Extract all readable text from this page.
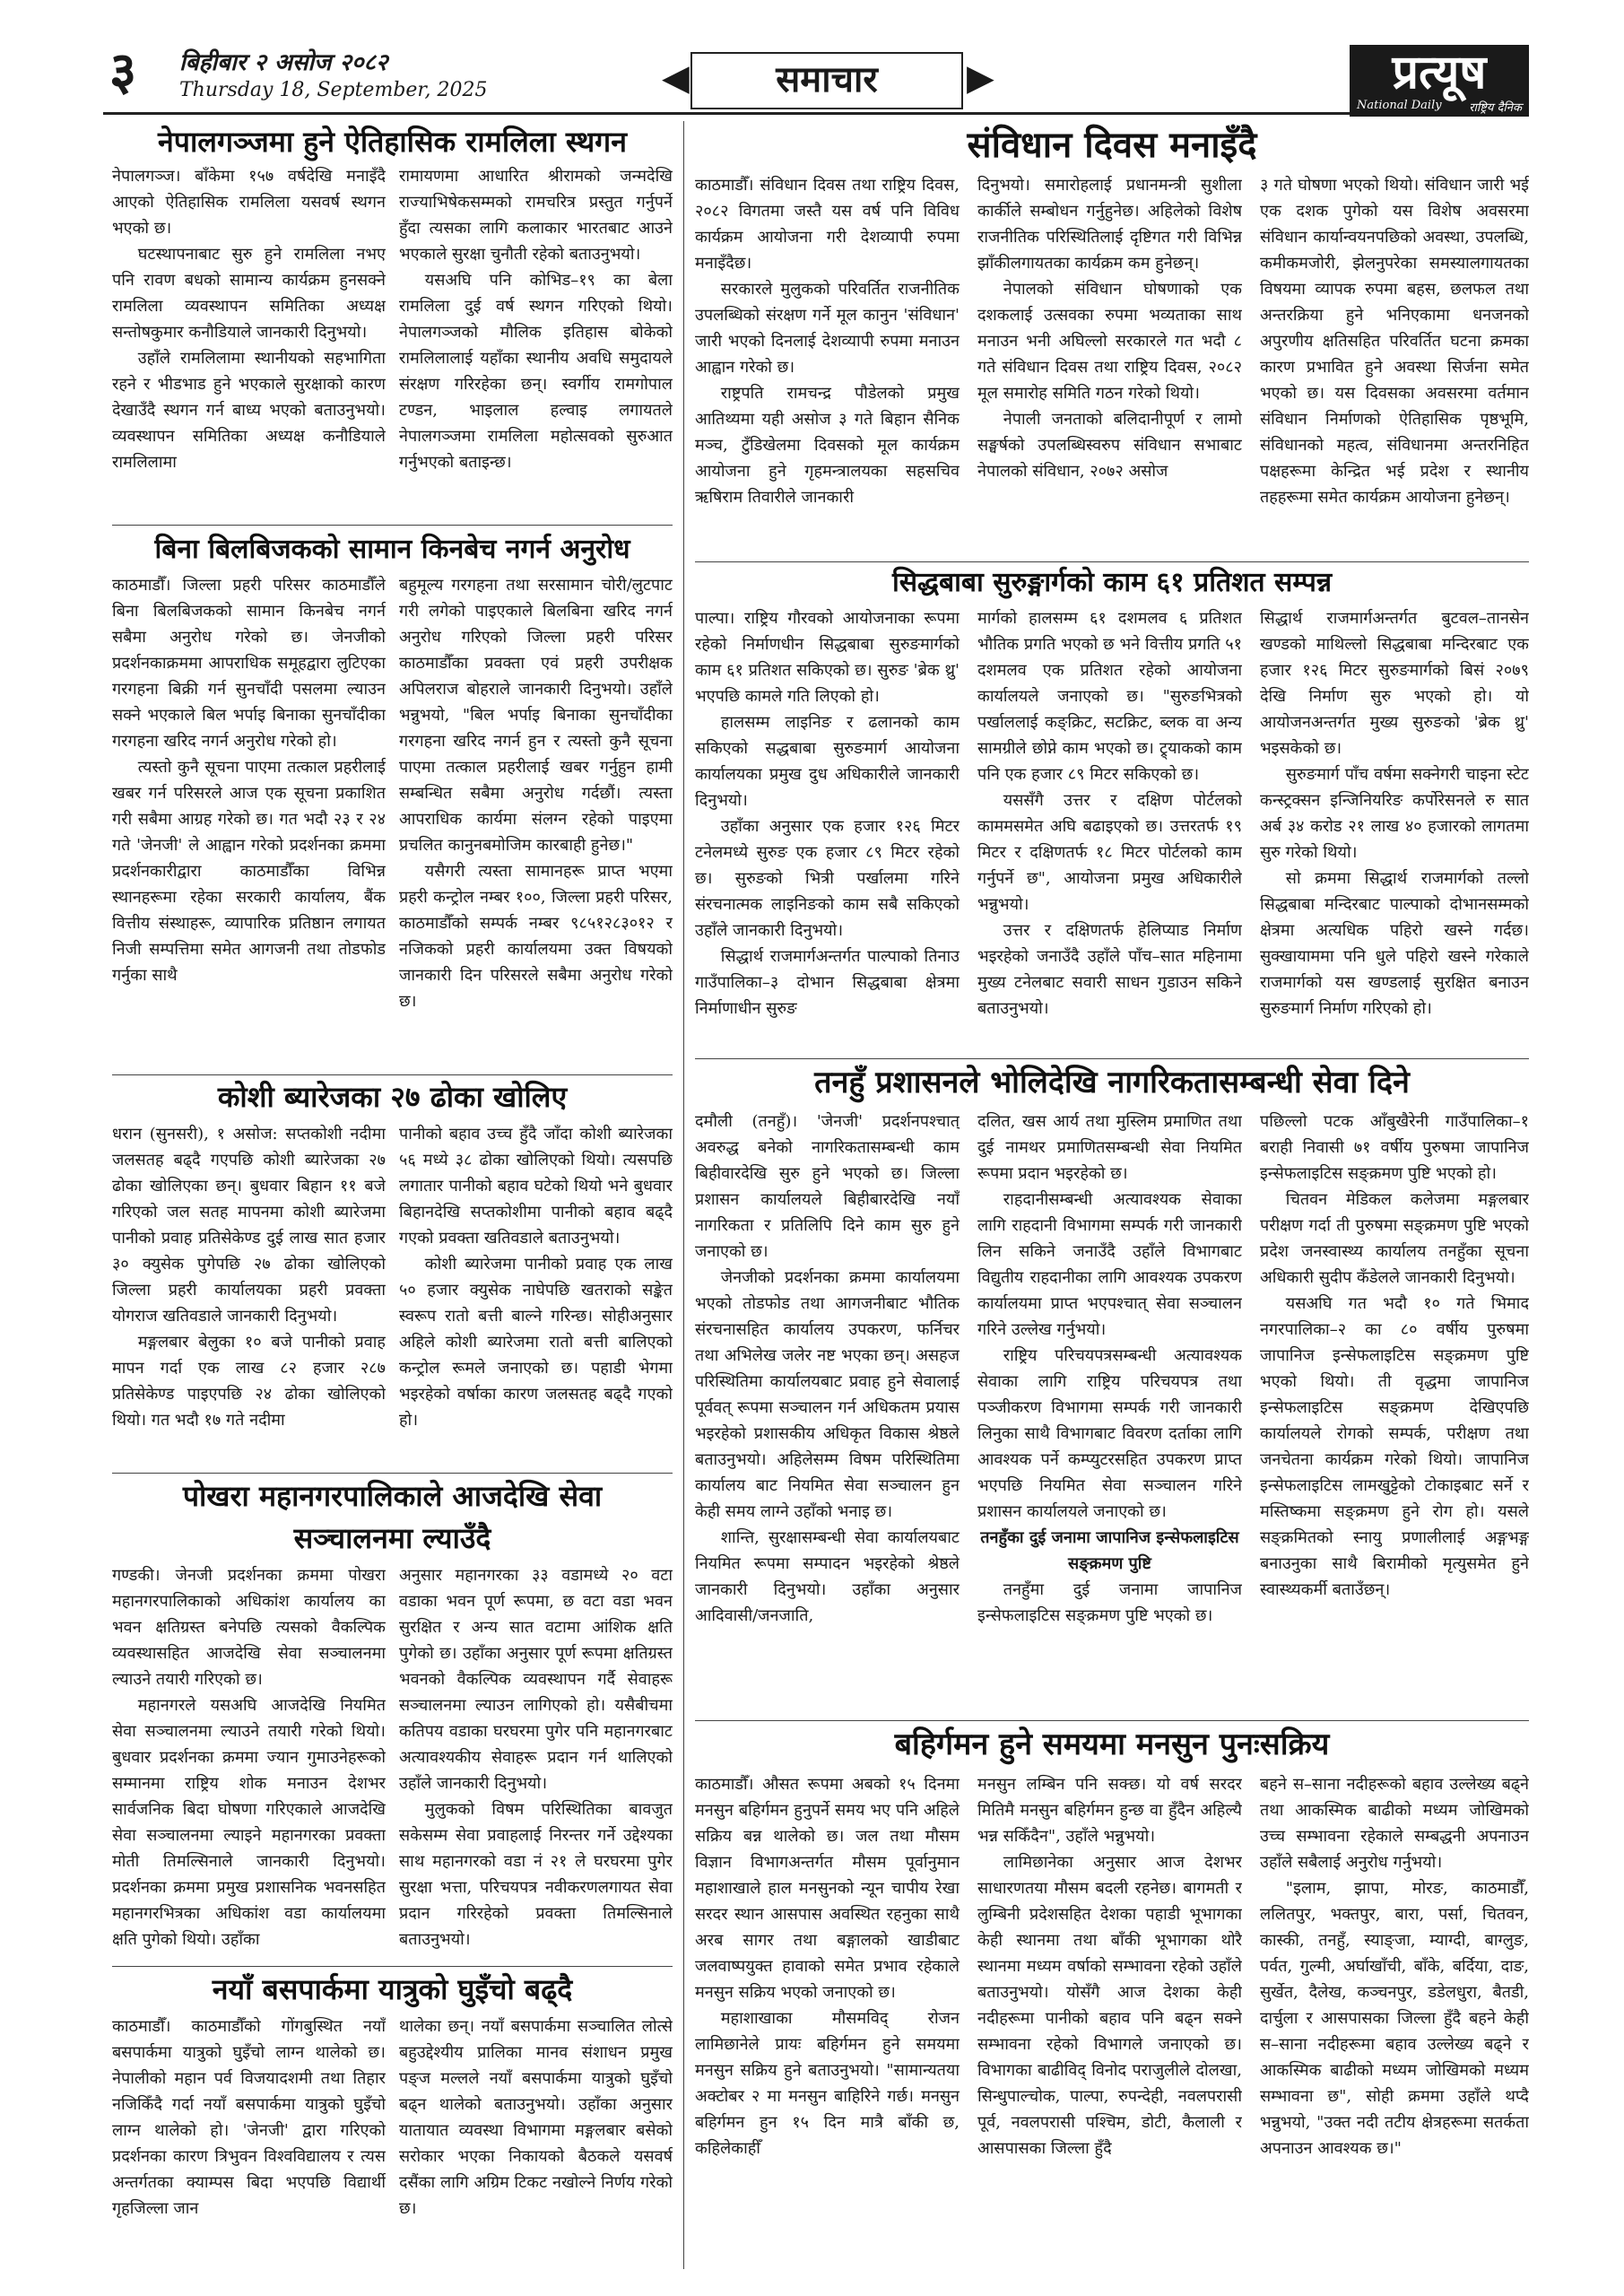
३ बिहीबार २ असोज २०८२
Thursday 18, September, 2025	◀	समाचार	▶	प्रत्यूष
National Daily राष्ट्रिय दैनिक
नेपालगञ्जमा हुने ऐतिहासिक रामलिला स्थगन

नेपालगञ्ज। बाँकेमा १५७ वर्षदेखि मनाइँदै आएको ऐतिहासिक रामलिला यसवर्ष स्थगन भएको छ।

घटस्थापनाबाट सुरु हुने रामलिला नभए पनि रावण बधको सामान्य कार्यक्रम हुनसक्ने रामलिला व्यवस्थापन समितिका अध्यक्ष सन्तोषकुमार कनौडियाले जानकारी दिनुभयो।

उहाँले रामलिलामा स्थानीयको सहभागिता रहने र भीडभाड हुने भएकाले सुरक्षाको कारण देखाउँदै स्थगन गर्न बाध्य भएको बताउनुभयो। व्यवस्थापन समितिका अध्यक्ष कनौडियाले रामलिलामा

रामायणमा आधारित श्रीरामको जन्मदेखि राज्याभिषेकसम्मको रामचरित्र प्रस्तुत गर्नुपर्ने हुँदा त्यसका लागि कलाकार भारतबाट आउने भएकाले सुरक्षा चुनौती रहेको बताउनुभयो।

यसअघि पनि कोभिड–१९ का बेला रामलिला दुई वर्ष स्थगन गरिएको थियो। नेपालगञ्जको मौलिक इतिहास बोकेको रामलिलालाई यहाँका स्थानीय अवधि समुदायले संरक्षण गरिरहेका छन्। स्वर्गीय रामगोपाल टण्डन, भाइलाल हल्वाइ लगायतले नेपालगञ्जमा रामलिला महोत्सवको सुरुआत गर्नुभएको बताइन्छ।

बिना बिलबिजकको सामान किनबेच नगर्न अनुरोध

काठमाडौँ। जिल्ला प्रहरी परिसर काठमाडौँले बिना बिलबिजकको सामान किनबेच नगर्न सबैमा अनुरोध गरेको छ। जेनजीको प्रदर्शनकाक्रममा आपराधिक समूहद्वारा लुटिएका गरगहना बिक्री गर्न सुनचाँदी पसलमा ल्याउन सक्ने भएकाले बिल भर्पाइ बिनाका सुनचाँदीका गरगहना खरिद नगर्न अनुरोध गरेको हो।

त्यस्तो कुनै सूचना पाएमा तत्काल प्रहरीलाई खबर गर्न परिसरले आज एक सूचना प्रकाशित गरी सबैमा आग्रह गरेको छ। गत भदौ २३ र २४ गते 'जेनजी' ले आह्वान गरेको प्रदर्शनका क्रममा प्रदर्शनकारीद्वारा काठमाडौँका विभिन्न स्थानहरूमा रहेका सरकारी कार्यालय, बैंक वित्तीय संस्थाहरू, व्यापारिक प्रतिष्ठान लगायत निजी सम्पत्तिमा समेत आगजनी तथा तोडफोड गर्नुका साथै

बहुमूल्य गरगहना तथा सरसामान चोरी/लुटपाट गरी लगेको पाइएकाले बिलबिना खरिद नगर्न अनुरोध गरिएको जिल्ला प्रहरी परिसर काठमाडौँका प्रवक्ता एवं प्रहरी उपरीक्षक अपिलराज बोहराले जानकारी दिनुभयो। उहाँले भन्नुभयो, "बिल भर्पाइ बिनाका सुनचाँदीका गरगहना खरिद नगर्न हुन र त्यस्तो कुनै सूचना पाएमा तत्काल प्रहरीलाई खबर गर्नुहुन हामी सम्बन्धित सबैमा अनुरोध गर्दछौं। त्यस्ता आपराधिक कार्यमा संलग्न रहेको पाइएमा प्रचलित कानुनबमोजिम कारबाही हुनेछ।"

यसैगरी त्यस्ता सामानहरू प्राप्त भएमा प्रहरी कन्ट्रोल नम्बर १००, जिल्ला प्रहरी परिसर, काठमाडौँको सम्पर्क नम्बर ९८५१२८३०१२ र नजिकको प्रहरी कार्यालयमा उक्त विषयको जानकारी दिन परिसरले सबैमा अनुरोध गरेको छ।

कोशी ब्यारेजका २७ ढोका खोलिए

धरान (सुनसरी), १ असोज: सप्तकोशी नदीमा जलसतह बढ्दै गएपछि कोशी ब्यारेजका २७ ढोका खोलिएका छन्। बुधवार बिहान ११ बजे गरिएको जल सतह मापनमा कोशी ब्यारेजमा पानीको प्रवाह प्रतिसेकेण्ड दुई लाख सात हजार ३० क्युसेक पुगेपछि २७ ढोका खोलिएको जिल्ला प्रहरी कार्यालयका प्रहरी प्रवक्ता योगराज खतिवडाले जानकारी दिनुभयो।

मङ्गलबार बेलुका १० बजे पानीको प्रवाह मापन गर्दा एक लाख ८२ हजार २८७ प्रतिसेकेण्ड पाइएपछि २४ ढोका खोलिएको थियो। गत भदौ १७ गते नदीमा

पानीको बहाव उच्च हुँदै जाँदा कोशी ब्यारेजका ५६ मध्ये ३८ ढोका खोलिएको थियो। त्यसपछि लगातार पानीको बहाव घटेको थियो भने बुधवार बिहानदेखि सप्तकोशीमा पानीको बहाव बढ्दै गएको प्रवक्ता खतिवडाले बताउनुभयो।

कोशी ब्यारेजमा पानीको प्रवाह एक लाख ५० हजार क्युसेक नाघेपछि खतराको सङ्केत स्वरूप रातो बत्ती बाल्ने गरिन्छ। सोहीअनुसार अहिले कोशी ब्यारेजमा रातो बत्ती बालिएको कन्ट्रोल रूमले जनाएको छ। पहाडी भेगमा भइरहेको वर्षाका कारण जलसतह बढ्दै गएको हो।

पोखरा महानगरपालिकाले आजदेखि सेवा
सञ्चालनमा ल्याउँदै

गण्डकी। जेनजी प्रदर्शनका क्रममा पोखरा महानगरपालिकाको अधिकांश कार्यालय का भवन क्षतिग्रस्त बनेपछि त्यसको वैकल्पिक व्यवस्थासहित आजदेखि सेवा सञ्चालनमा ल्याउने तयारी गरिएको छ।

महानगरले यसअघि आजदेखि नियमित सेवा सञ्चालनमा ल्याउने तयारी गरेको थियो। बुधवार प्रदर्शनका क्रममा ज्यान गुमाउनेहरूको सम्मानमा राष्ट्रिय शोक मनाउन देशभर सार्वजनिक बिदा घोषणा गरिएकाले आजदेखि सेवा सञ्चालनमा ल्याइने महानगरका प्रवक्ता मोती तिमल्सिनाले जानकारी दिनुभयो। प्रदर्शनका क्रममा प्रमुख प्रशासनिक भवनसहित महानगरभित्रका अधिकांश वडा कार्यालयमा क्षति पुगेको थियो। उहाँका

अनुसार महानगरका ३३ वडामध्ये २० वटा वडाका भवन पूर्ण रूपमा, छ वटा वडा भवन सुरक्षित र अन्य सात वटामा आंशिक क्षति पुगेको छ। उहाँका अनुसार पूर्ण रूपमा क्षतिग्रस्त भवनको वैकल्पिक व्यवस्थापन गर्दै सेवाहरू सञ्चालनमा ल्याउन लागिएको हो। यसैबीचमा कतिपय वडाका घरघरमा पुगेर पनि महानगरबाट अत्यावश्यकीय सेवाहरू प्रदान गर्न थालिएको उहाँले जानकारी दिनुभयो।

मुलुकको विषम परिस्थितिका बावजुत सकेसम्म सेवा प्रवाहलाई निरन्तर गर्ने उद्देश्यका साथ महानगरको वडा नं २१ ले घरघरमा पुगेर सुरक्षा भत्ता, परिचयपत्र नवीकरणलगायत सेवा प्रदान गरिरहेको प्रवक्ता तिमल्सिनाले बताउनुभयो।

नयाँ बसपार्कमा यात्रुको घुइँचो बढ्दै

काठमाडौँ। काठमाडौँको गोंगबुस्थित नयाँ बसपार्कमा यात्रुको घुइँचो लाग्न थालेको छ। नेपालीको महान पर्व विजयादशमी तथा तिहार नजिकिँदै गर्दा नयाँ बसपार्कमा यात्रुको घुइँचो लाग्न थालेको हो। 'जेनजी' द्वारा गरिएको प्रदर्शनका कारण त्रिभुवन विश्वविद्यालय र त्यस अन्तर्गतका क्याम्पस बिदा भएपछि विद्यार्थी गृहजिल्ला जान

थालेका छन्। नयाँ बसपार्कमा सञ्चालित लोत्से बहुउद्देश्यीय प्रालिका मानव संशाधन प्रमुख पङ्ज मल्लले नयाँ बसपार्कमा यात्रुको घुइँचो बढ्न थालेको बताउनुभयो। उहाँका अनुसार यातायात व्यवस्था विभागमा मङ्गलबार बसेको सरोकार भएका निकायको बैठकले यसवर्ष दसैंका लागि अग्रिम टिकट नखोल्ने निर्णय गरेको छ।

संविधान दिवस मनाइँदै

काठमाडौँ। संविधान दिवस तथा राष्ट्रिय दिवस, २०८२ विगतमा जस्तै यस वर्ष पनि विविध कार्यक्रम आयोजना गरी देशव्यापी रुपमा मनाइँदैछ।

सरकारले मुलुकको परिवर्तित राजनीतिक उपलब्धिको संरक्षण गर्ने मूल कानुन 'संविधान' जारी भएको दिनलाई देशव्यापी रुपमा मनाउन आह्वान गरेको छ।

राष्ट्रपति रामचन्द्र पौडेलको प्रमुख आतिथ्यमा यही असोज ३ गते बिहान सैनिक मञ्च, टुँडिखेलमा दिवसको मूल कार्यक्रम आयोजना हुने गृहमन्त्रालयका सहसचिव ऋषिराम तिवारीले जानकारी

दिनुभयो। समारोहलाई प्रधानमन्त्री सुशीला कार्कीले सम्बोधन गर्नुहुनेछ। अहिलेको विशेष राजनीतिक परिस्थितिलाई दृष्टिगत गरी विभिन्न झाँकीलगायतका कार्यक्रम कम हुनेछन्।

नेपालको संविधान घोषणाको एक दशकलाई उत्सवका रुपमा भव्यताका साथ मनाउन भनी अघिल्लो सरकारले गत भदौ ८ गते संविधान दिवस तथा राष्ट्रिय दिवस, २०८२ मूल समारोह समिति गठन गरेको थियो।

नेपाली जनताको बलिदानीपूर्ण र लामो सङ्घर्षको उपलब्धिस्वरुप संविधान सभाबाट नेपालको संविधान, २०७२ असोज

३ गते घोषणा भएको थियो। संविधान जारी भई एक दशक पुगेको यस विशेष अवसरमा संविधान कार्यान्वयनपछिको अवस्था, उपलब्धि, कमीकमजोरी, झेलनुपरेका समस्यालगायतका विषयमा व्यापक रुपमा बहस, छलफल तथा अन्तरक्रिया हुने भनिएकामा धनजनको अपुरणीय क्षतिसहित परिवर्तित घटना क्रमका कारण प्रभावित हुने अवस्था सिर्जना समेत भएको छ। यस दिवसका अवसरमा वर्तमान संविधान निर्माणको ऐतिहासिक पृष्ठभूमि, संविधानको महत्व, संविधानमा अन्तरनिहित पक्षहरूमा केन्द्रित भई प्रदेश र स्थानीय तहहरूमा समेत कार्यक्रम आयोजना हुनेछन्।

सिद्धबाबा सुरुङ्मार्गको काम ६१ प्रतिशत सम्पन्न

पाल्पा। राष्ट्रिय गौरवको आयोजनाका रूपमा रहेको निर्माणधीन सिद्धबाबा सुरुङमार्गको काम ६१ प्रतिशत सकिएको छ। सुरुङ 'ब्रेक थ्रु' भएपछि कामले गति लिएको हो।

हालसम्म लाइनिङ र ढलानको काम सकिएको सद्धबाबा सुरुङमार्ग आयोजना कार्यालयका प्रमुख दुध अधिकारीले जानकारी दिनुभयो।

उहाँका अनुसार एक हजार १२६ मिटर टनेलमध्ये सुरुङ एक हजार ८९ मिटर रहेको छ। सुरुङको भित्री पर्खालमा गरिने संरचनात्मक लाइनिङको काम सबै सकिएको उहाँले जानकारी दिनुभयो।

सिद्धार्थ राजमार्गअन्तर्गत पाल्पाको तिनाउ गाउँपालिका–३ दोभान सिद्धबाबा क्षेत्रमा निर्माणाधीन सुरुङ

मार्गको हालसम्म ६१ दशमलव ६ प्रतिशत भौतिक प्रगति भएको छ भने वित्तीय प्रगति ५१ दशमलव एक प्रतिशत रहेको आयोजना कार्यालयले जनाएको छ। "सुरुङभित्रको पर्खाललाई कङ्क्रिट, सटक्रिट, ब्लक वा अन्य सामग्रीले छोप्ने काम भएको छ। ट्र्याकको काम पनि एक हजार ८९ मिटर सकिएको छ।

यससँगै उत्तर र दक्षिण पोर्टलको काममसमेत अघि बढाइएको छ। उत्तरतर्फ १९ मिटर र दक्षिणतर्फ १८ मिटर पोर्टलको काम गर्नुपर्ने छ", आयोजना प्रमुख अधिकारीले भन्नुभयो।

उत्तर र दक्षिणतर्फ हेलिप्याड निर्माण भइरहेको जनाउँदै उहाँले पाँच–सात महिनामा मुख्य टनेलबाट सवारी साधन गुडाउन सकिने बताउनुभयो।

सिद्धार्थ राजमार्गअन्तर्गत बुटवल–तानसेन खण्डको माथिल्लो सिद्धबाबा मन्दिरबाट एक हजार १२६ मिटर सुरुङमार्गको बिसं २०७९ देखि निर्माण सुरु भएको हो। यो आयोजनअन्तर्गत मुख्य सुरुङको 'ब्रेक थ्रु' भइसकेको छ।

सुरुङमार्ग पाँच वर्षमा सक्नेगरी चाइना स्टेट कन्स्ट्रक्सन इन्जिनियरिङ कर्पोरेसनले रु सात अर्ब ३४ करोड २१ लाख ४० हजारको लागतमा सुरु गरेको थियो।

सो क्रममा सिद्धार्थ राजमार्गको तल्लो सिद्धबाबा मन्दिरबाट पाल्पाको दोभानसम्मको क्षेत्रमा अत्यधिक पहिरो खस्ने गर्दछ। सुक्खायाममा पनि धुले पहिरो खस्ने गरेकाले राजमार्गको यस खण्डलाई सुरक्षित बनाउन सुरुङमार्ग निर्माण गरिएको हो।

तनहुँ प्रशासनले भोलिदेखि नागरिकतासम्बन्धी सेवा दिने

दमौली (तनहुँ)। 'जेनजी' प्रदर्शनपश्चात् अवरुद्ध बनेको नागरिकतासम्बन्धी काम बिहीवारदेखि सुरु हुने भएको छ। जिल्ला प्रशासन कार्यालयले बिहीबारदेखि नयाँ नागरिकता र प्रतिलिपि दिने काम सुरु हुने जनाएको छ।

जेनजीको प्रदर्शनका क्रममा कार्यालयमा भएको तोडफोड तथा आगजनीबाट भौतिक संरचनासहित कार्यालय उपकरण, फर्निचर तथा अभिलेख जलेर नष्ट भएका छन्। असहज परिस्थितिमा कार्यालयबाट प्रवाह हुने सेवालाई पूर्ववत् रूपमा सञ्चालन गर्न अधिकतम प्रयास भइरहेको प्रशासकीय अधिकृत विकास श्रेष्ठले बताउनुभयो। अहिलेसम्म विषम परिस्थितिमा कार्यालय बाट नियमित सेवा सञ्चालन हुन केही समय लाग्ने उहाँको भनाइ छ।

शान्ति, सुरक्षासम्बन्धी सेवा कार्यालयबाट नियमित रूपमा सम्पादन भइरहेको श्रेष्ठले जानकारी दिनुभयो। उहाँका अनुसार आदिवासी/जनजाति,

दलित, खस आर्य तथा मुस्लिम प्रमाणित तथा दुई नामथर प्रमाणितसम्बन्धी सेवा नियमित रूपमा प्रदान भइरहेको छ।

राहदानीसम्बन्धी अत्यावश्यक सेवाका लागि राहदानी विभागमा सम्पर्क गरी जानकारी लिन सकिने जनाउँदै उहाँले विभागबाट विद्युतीय राहदानीका लागि आवश्यक उपकरण कार्यालयमा प्राप्त भएपश्चात् सेवा सञ्चालन गरिने उल्लेख गर्नुभयो।

राष्ट्रिय परिचयपत्रसम्बन्धी अत्यावश्यक सेवाका लागि राष्ट्रिय परिचयपत्र तथा पञ्जीकरण विभागमा सम्पर्क गरी जानकारी लिनुका साथै विभागबाट विवरण दर्ताका लागि आवश्यक पर्ने कम्प्युटरसहित उपकरण प्राप्त भएपछि नियमित सेवा सञ्चालन गरिने प्रशासन कार्यालयले जनाएको छ।

तनहुँका दुई जनामा जापानिज इन्सेफलाइटिस सङ्क्रमण पुष्टि

तनहुँमा दुई जनामा जापानिज इन्सेफलाइटिस सङ्क्रमण पुष्टि भएको छ।

पछिल्लो पटक आँबुखैरेनी गाउँपालिका–१ बराही निवासी ७१ वर्षीय पुरुषमा जापानिज इन्सेफलाइटिस सङ्क्रमण पुष्टि भएको हो।

चितवन मेडिकल कलेजमा मङ्गलबार परीक्षण गर्दा ती पुरुषमा सङ्क्रमण पुष्टि भएको प्रदेश जनस्वास्थ्य कार्यालय तनहुँका सूचना अधिकारी सुदीप कँडेलले जानकारी दिनुभयो।

यसअघि गत भदौ १० गते भिमाद नगरपालिका–२ का ८० वर्षीय पुरुषमा जापानिज इन्सेफलाइटिस सङ्क्रमण पुष्टि भएको थियो। ती वृद्धमा जापानिज इन्सेफलाइटिस सङ्क्रमण देखिएपछि कार्यालयले रोगको सम्पर्क, परीक्षण तथा जनचेतना कार्यक्रम गरेको थियो। जापानिज इन्सेफलाइटिस लामखुट्टेको टोकाइबाट सर्ने र मस्तिष्कमा सङ्क्रमण हुने रोग हो। यसले सङ्क्रमितको स्नायु प्रणालीलाई अङ्गभङ्ग बनाउनुका साथै बिरामीको मृत्युसमेत हुने स्वास्थ्यकर्मी बताउँछन्।

बहिर्गमन हुने समयमा मनसुन पुनःसक्रिय

काठमाडौँ। औसत रूपमा अबको १५ दिनमा मनसुन बहिर्गमन हुनुपर्ने समय भए पनि अहिले सक्रिय बन्न थालेको छ। जल तथा मौसम विज्ञान विभागअन्तर्गत मौसम पूर्वानुमान महाशाखाले हाल मनसुनको न्यून चापीय रेखा सरदर स्थान आसपास अवस्थित रहनुका साथै अरब सागर तथा बङ्गालको खाडीबाट जलवाष्पयुक्त हावाको समेत प्रभाव रहेकाले मनसुन सक्रिय भएको जनाएको छ।

महाशाखाका मौसमविद् रोजन लामिछानेले प्रायः बहिर्गमन हुने समयमा मनसुन सक्रिय हुने बताउनुभयो। "सामान्यतया अक्टोबर २ मा मनसुन बाहिरिने गर्छ। मनसुन बहिर्गमन हुन १५ दिन मात्रै बाँकी छ, कहिलेकाहीँ

मनसुन लम्बिन पनि सक्छ। यो वर्ष सरदर मितिमै मनसुन बहिर्गमन हुन्छ वा हुँदैन अहिल्यै भन्न सकिँदैन", उहाँले भन्नुभयो।

लामिछानेका अनुसार आज देशभर साधारणतया मौसम बदली रहनेछ। बागमती र लुम्बिनी प्रदेशसहित देशका पहाडी भूभागका केही स्थानमा तथा बाँकी भूभागका थोरै स्थानमा मध्यम वर्षाको सम्भावना रहेको उहाँले बताउनुभयो। योसँगै आज देशका केही नदीहरूमा पानीको बहाव पनि बढ्न सक्ने सम्भावना रहेको विभागले जनाएको छ। विभागका बाढीविद् विनोद पराजुलीले दोलखा, सिन्धुपाल्चोक, पाल्पा, रुपन्देही, नवलपरासी पूर्व, नवलपरासी पश्चिम, डोटी, कैलाली र आसपासका जिल्ला हुँदै

बहने स–साना नदीहरूको बहाव उल्लेख्य बढ्ने तथा आकस्मिक बाढीको मध्यम जोखिमको उच्च सम्भावना रहेकाले सम्बद्धनी अपनाउन उहाँले सबैलाई अनुरोध गर्नुभयो।

"इलाम, झापा, मोरङ, काठमाडौँ, ललितपुर, भक्तपुर, बारा, पर्सा, चितवन, कास्की, तनहुँ, स्याङ्जा, म्याग्दी, बाग्लुङ, पर्वत, गुल्मी, अर्घाखाँची, बाँके, बर्दिया, दाङ, सुर्खेत, दैलेख, कञ्चनपुर, डडेलधुरा, बैतडी, दार्चुला र आसपासका जिल्ला हुँदै बहने केही स–साना नदीहरूमा बहाव उल्लेख्य बढ्ने र आकस्मिक बाढीको मध्यम जोखिमको मध्यम सम्भावना छ", सोही क्रममा उहाँले थप्दै भन्नुभयो, "उक्त नदी तटीय क्षेत्रहरूमा सतर्कता अपनाउन आवश्यक छ।"
